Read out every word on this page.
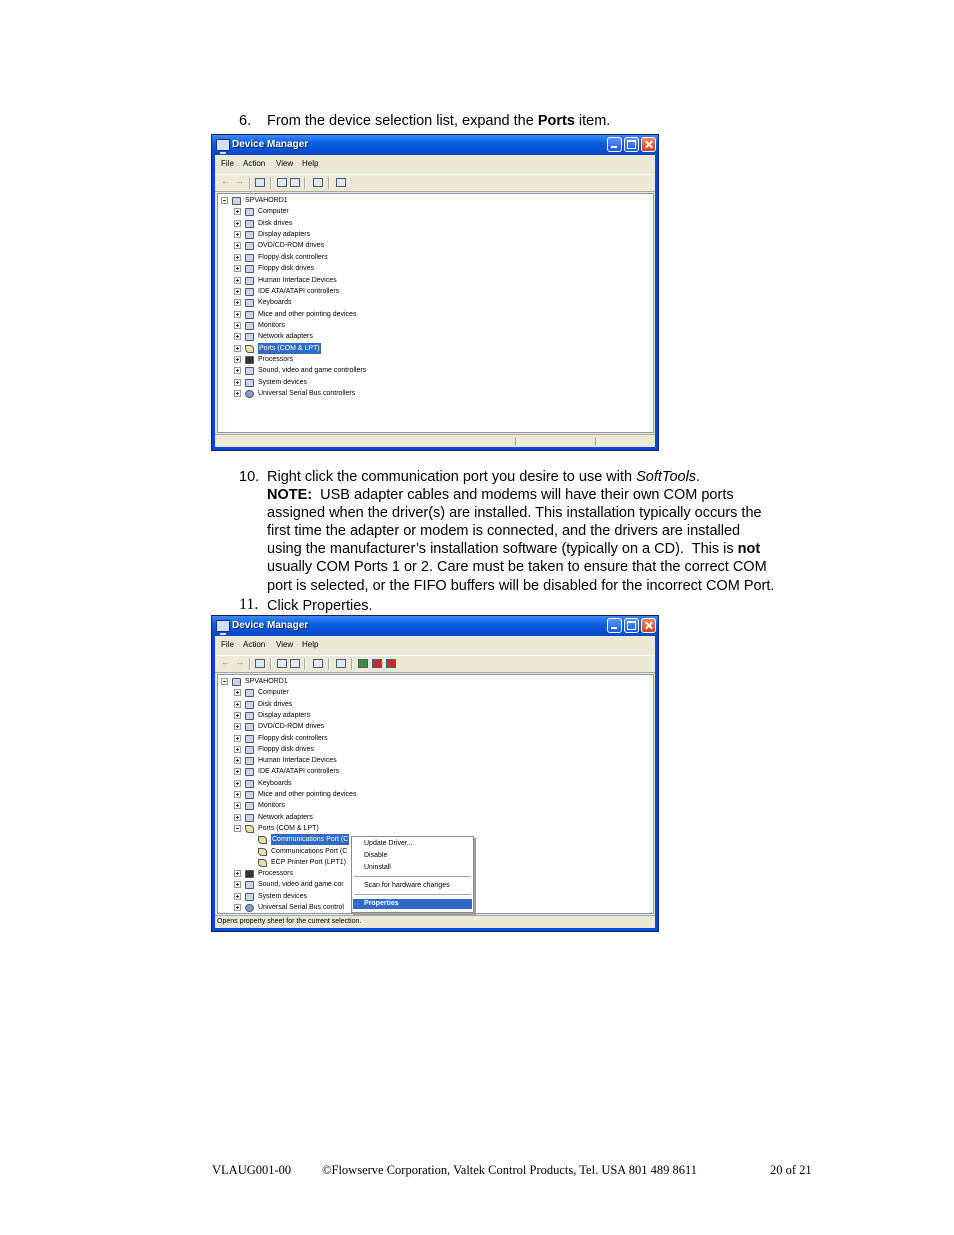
6. From the device selection list, expand the Ports item.
Device Manager
File Action View Help
← →
SPVAHORD1
Computer
Disk drives
Display adapters
DVD/CD-ROM drives
Floppy disk controllers
Floppy disk drives
Human Interface Devices
IDE ATA/ATAPI controllers
Keyboards
Mice and other pointing devices
Monitors
Network adapters
Ports (COM & LPT)
Processors
Sound, video and game controllers
System devices
Universal Serial Bus controllers
10. Right click the communication port you desire to use with SoftTools.
NOTE:  USB adapter cables and modems will have their own COM ports
assigned when the driver(s) are installed. This installation typically occurs the
first time the adapter or modem is connected, and the drivers are installed
using the manufacturer’s installation software (typically on a CD).  This is not
usually COM Ports 1 or 2. Care must be taken to ensure that the correct COM
port is selected, or the FIFO buffers will be disabled for the incorrect COM Port.
11. Click Properties.
Device Manager
File Action View Help
← →
SPVAHORD1
Computer
Disk drives
Display adapters
DVD/CD-ROM drives
Floppy disk controllers
Floppy disk drives
Human Interface Devices
IDE ATA/ATAPI controllers
Keyboards
Mice and other pointing devices
Monitors
Network adapters
Ports (COM & LPT)
Communications Port (C
Communications Port (C
ECP Printer Port (LPT1)
Processors
Sound, video and game cor
System devices
Universal Serial Bus control
Opens property sheet for the current selection.
Update Driver...
Disable
Uninstall
Scan for hardware changes
Properties
VLAUG001-00 ©Flowserve Corporation, Valtek Control Products, Tel. USA 801 489 8611	20 of 21
